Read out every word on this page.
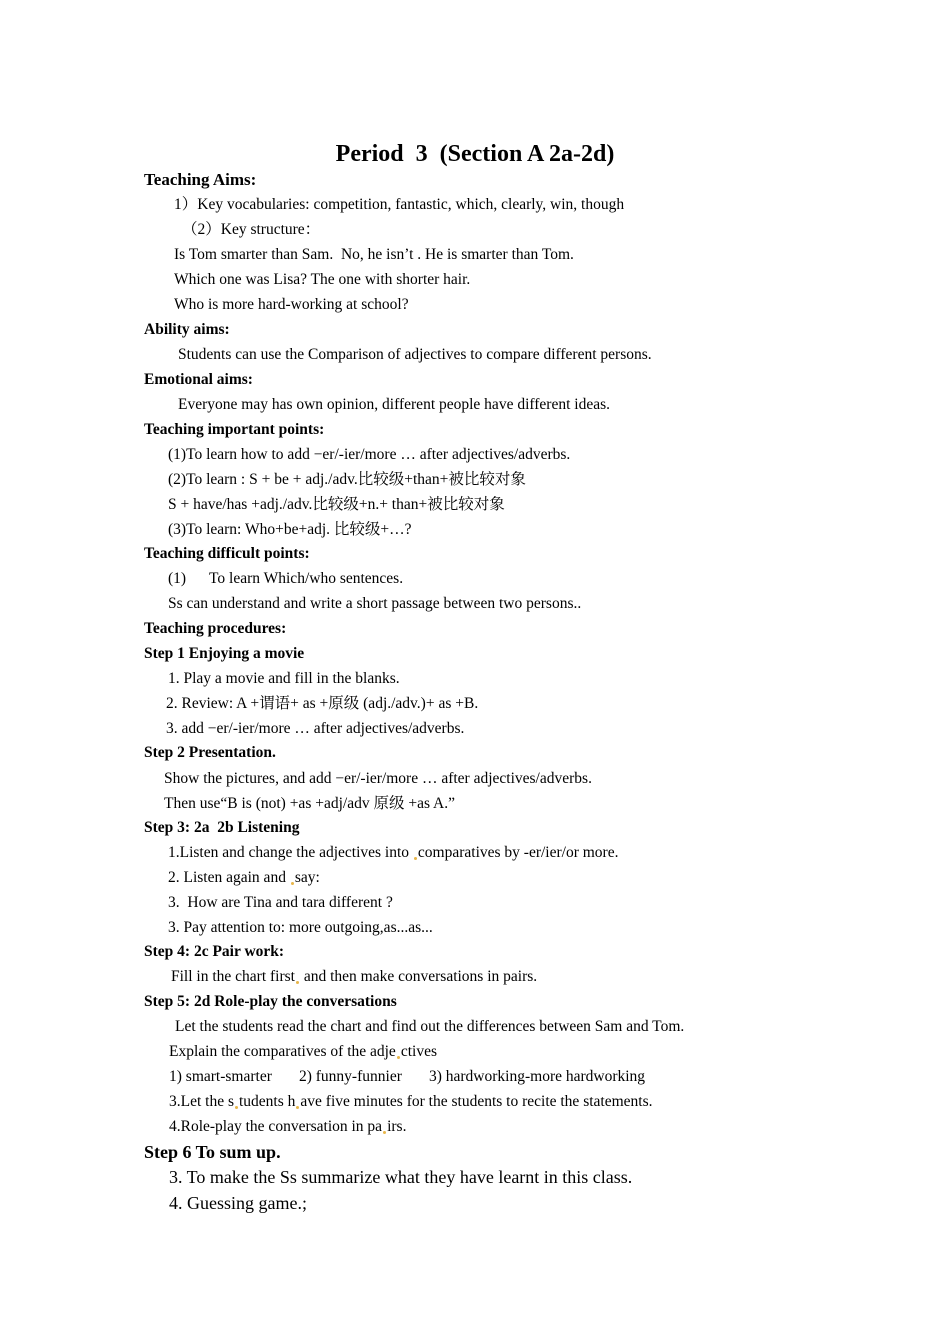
Period  3  (Section A 2a-2d)
Teaching Aims:
1）Key vocabularies: competition, fantastic, which, clearly, win, though
（2）Key structure：
Is Tom smarter than Sam.  No, he isn’t . He is smarter than Tom.
Which one was Lisa? The one with shorter hair.
Who is more hard-working at school?
Ability aims:
Students can use the Comparison of adjectives to compare different persons.
Emotional aims:
Everyone may has own opinion, different people have different ideas.
Teaching important points:
(1)To learn how to add −er/-ier/more … after adjectives/adverbs.
(2)To learn : S + be + adj./adv.比较级+than+被比较对象
S + have/has +adj./adv.比较级+n.+ than+被比较对象
(3)To learn: Who+be+adj. 比较级+…?
Teaching difficult points:
(1)      To learn Which/who sentences.
Ss can understand and write a short passage between two persons..
Teaching procedures:
Step 1 Enjoying a movie
1. Play a movie and fill in the blanks.
2. Review: A +谓语+ as +原级 (adj./adv.)+ as +B.
3. add −er/-ier/more … after adjectives/adverbs.
Step 2 Presentation.
Show the pictures, and add −er/-ier/more … after adjectives/adverbs.
Then use“B is (not) +as +adj/adv 原级 +as A.”
Step 3: 2a  2b Listening
1.Listen and change the adjectives into comparatives by -er/ier/or more.
2. Listen again and say:
3.  How are Tina and tara different ?
3. Pay attention to: more outgoing,as...as...
Step 4: 2c Pair work:
Fill in the chart first and then make conversations in pairs.
Step 5: 2d Role-play the conversations
Let the students read the chart and find out the differences between Sam and Tom.
Explain the comparatives of the adje ctives
1) smart-smarter       2) funny-funnier       3) hardworking-more hardworking
3.Let the s tudents h ave five minutes for the students to recite the statements.
4.Role-play the conversation in pa irs.
Step 6 To sum up.
3. To make the Ss summarize what they have learnt in this class.
4. Guessing game.;
